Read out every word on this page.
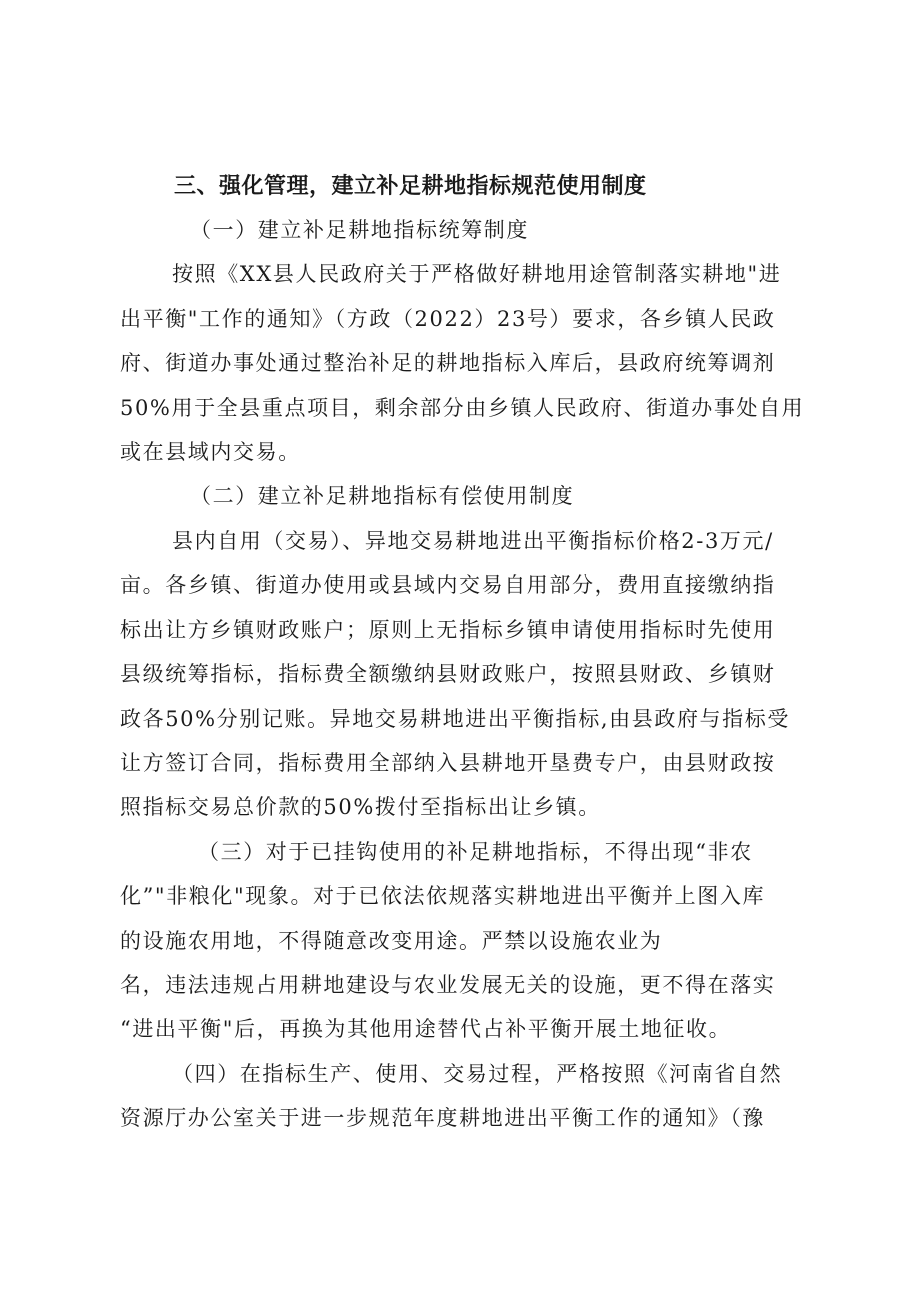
三、强化管理，建立补足耕地指标规范使用制度
（一）建立补足耕地指标统筹制度
按照《XX县人民政府关于严格做好耕地用途管制落实耕地"进
出平衡"工作的通知》（方政（2022）23号）要求，各乡镇人民政
府、街道办事处通过整治补足的耕地指标入库后，县政府统筹调剂
50%用于全县重点项目，剩余部分由乡镇人民政府、街道办事处自用
或在县域内交易。
（二）建立补足耕地指标有偿使用制度
县内自用（交易）、异地交易耕地进出平衡指标价格2-3万元/
亩。各乡镇、街道办使用或县域内交易自用部分，费用直接缴纳指
标出让方乡镇财政账户；原则上无指标乡镇申请使用指标时先使用
县级统筹指标，指标费全额缴纳县财政账户，按照县财政、乡镇财
政各50%分别记账。异地交易耕地进出平衡指标,由县政府与指标受
让方签订合同，指标费用全部纳入县耕地开垦费专户，由县财政按
照指标交易总价款的50%拨付至指标出让乡镇。
（三）对于已挂钩使用的补足耕地指标，不得出现“非农
化”"非粮化"现象。对于已依法依规落实耕地进出平衡并上图入库
的设施农用地，不得随意改变用途。严禁以设施农业为
名，违法违规占用耕地建设与农业发展无关的设施，更不得在落实
“进出平衡"后，再换为其他用途替代占补平衡开展土地征收。
（四）在指标生产、使用、交易过程，严格按照《河南省自然
资源厅办公室关于进一步规范年度耕地进出平衡工作的通知》（豫
